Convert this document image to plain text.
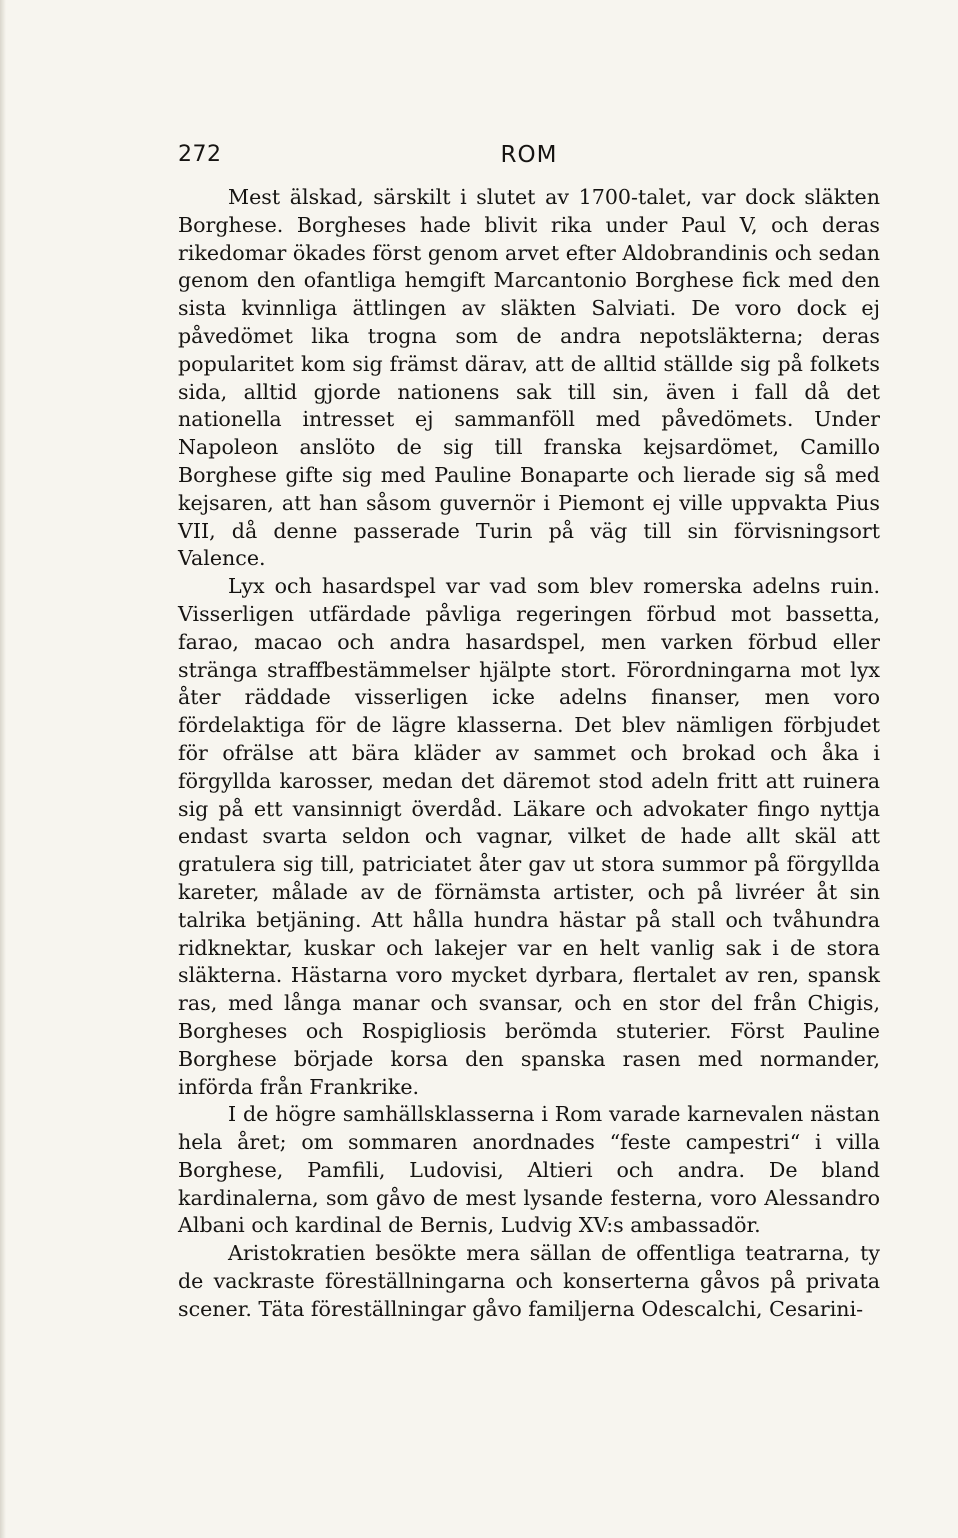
272	ROM

Mest älskad, särskilt i slutet av 1700-talet, var dock släkten Borghese. Borgheses hade blivit rika under Paul V, och deras rikedomar ökades först genom arvet efter Aldobrandinis och sedan genom den ofantliga hemgift Marcantonio Borghese fick med den sista kvinnliga ättlingen av släkten Salviati. De voro dock ej påvedömet lika trogna som de andra nepotsläkterna; deras popularitet kom sig främst därav, att de alltid ställde sig på folkets sida, alltid gjorde nationens sak till sin, även i fall då det nationella intresset ej sammanföll med påvedömets. Under Napoleon anslöto de sig till franska kejsardömet, Camillo Borghese gifte sig med Pauline Bonaparte och lierade sig så med kejsaren, att han såsom guvernör i Piemont ej ville uppvakta Pius VII, då denne passerade Turin på väg till sin förvisningsort Valence.

Lyx och hasardspel var vad som blev romerska adelns ruin. Visserligen utfärdade påvliga regeringen förbud mot bassetta, farao, macao och andra hasardspel, men varken förbud eller stränga straffbestämmelser hjälpte stort. Förordningarna mot lyx åter räddade visserligen icke adelns finanser, men voro fördelaktiga för de lägre klasserna. Det blev nämligen förbjudet för ofrälse att bära kläder av sammet och brokad och åka i förgyllda karosser, medan det däremot stod adeln fritt att ruinera sig på ett vansinnigt överdåd. Läkare och advokater fingo nyttja endast svarta seldon och vagnar, vilket de hade allt skäl att gratulera sig till, patriciatet åter gav ut stora summor på förgyllda kareter, målade av de förnämsta artister, och på livréer åt sin talrika betjäning. Att hålla hundra hästar på stall och tvåhundra ridknektar, kuskar och lakejer var en helt vanlig sak i de stora släkterna. Hästarna voro mycket dyrbara, flertalet av ren, spansk ras, med långa manar och svansar, och en stor del från Chigis, Borgheses och Rospigliosis berömda stuterier. Först Pauline Borghese började korsa den spanska rasen med normander, införda från Frankrike.

I de högre samhällsklasserna i Rom varade karnevalen nästan hela året; om sommaren anordnades “feste campestri“ i villa Borghese, Pamfili, Ludovisi, Altieri och andra. De bland kardinalerna, som gåvo de mest lysande festerna, voro Alessandro Albani och kardinal de Bernis, Ludvig XV:s ambassadör.

Aristokratien besökte mera sällan de offentliga teatrarna, ty de vackraste föreställningarna och konserterna gåvos på privata scener. Täta föreställningar gåvo familjerna Odescalchi, Cesarini-
